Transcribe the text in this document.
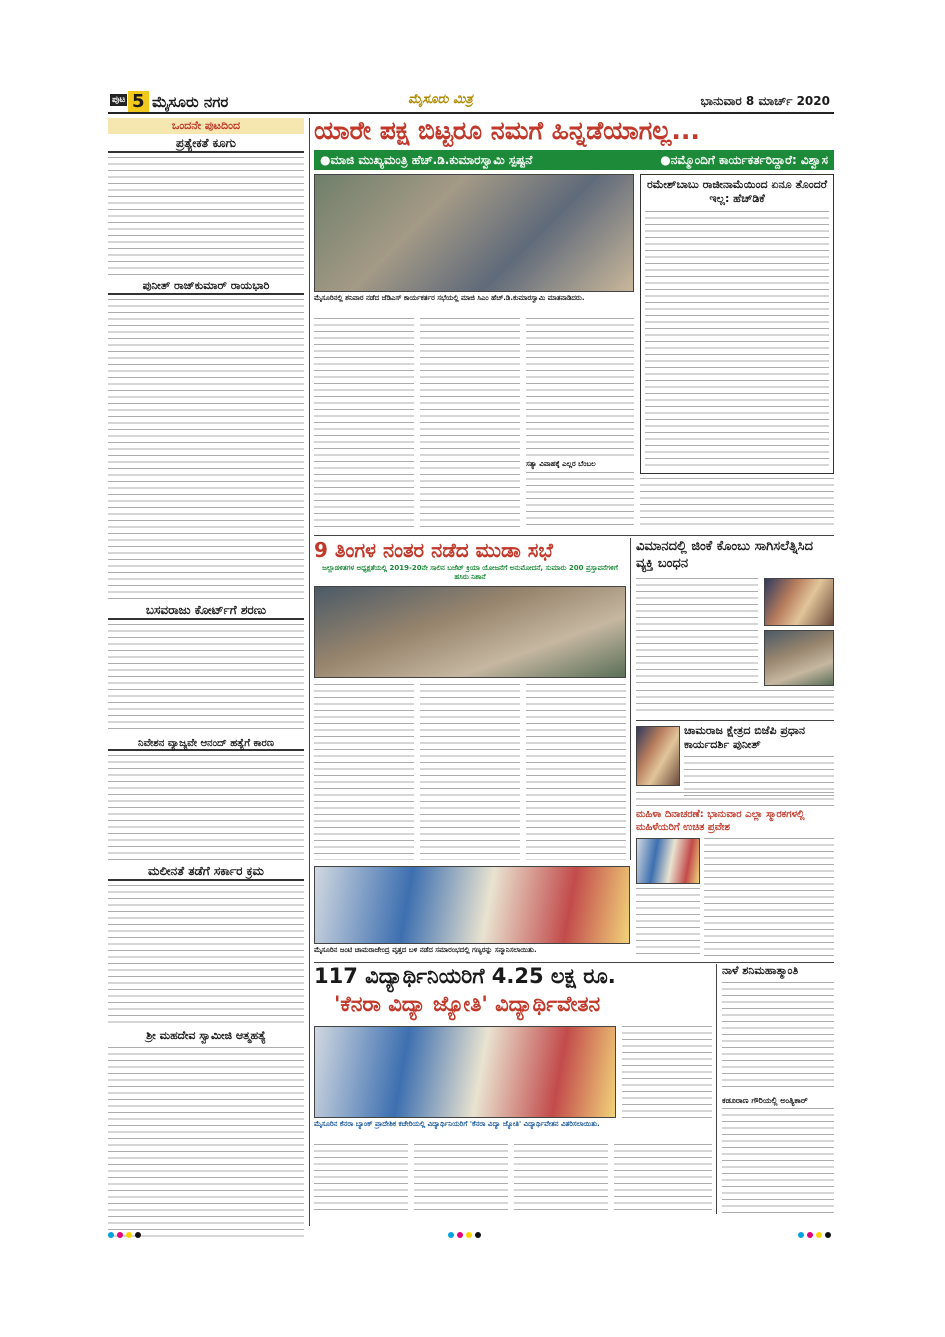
ಪುಟ 5 ಮೈಸೂರು ನಗರ	ಮೈಸೂರು ಮಿತ್ರ	ಭಾನುವಾರ 8 ಮಾರ್ಚ್ 2020
ಒಂದನೇ ಪುಟದಿಂದ
ಪ್ರತ್ಯೇಕತೆ ಕೂಗು
ಪುನೀತ್ ರಾಜ್‌ಕುಮಾರ್ ರಾಯಭಾರಿ
ಬಸವರಾಜು ಕೋರ್ಟ್‌ಗೆ ಶರಣು
ನಿವೇಶನ ವ್ಯಾಜ್ಯವೇ ಆನಂದ್ ಹತ್ಯೆಗೆ ಕಾರಣ
ಮಲೀನತೆ ತಡೆಗೆ ಸರ್ಕಾರ ಕ್ರಮ
ಶ್ರೀ ಮಹದೇವ ಸ್ವಾಮೀಜಿ ಆತ್ಮಹತ್ಯೆ
ಯಾರೇ ಪಕ್ಷ ಬಿಟ್ಟರೂ ನಮಗೆ ಹಿನ್ನಡೆಯಾಗಲ್ಲ...
●ಮಾಜಿ ಮುಖ್ಯಮಂತ್ರಿ ಹೆಚ್.ಡಿ.ಕುಮಾರಸ್ವಾಮಿ ಸ್ಪಷ್ಟನೆ	●ನಮ್ಮೊಂದಿಗೆ ಕಾರ್ಯಕರ್ತರಿದ್ದಾರೆ: ವಿಶ್ವಾಸ
ಮೈಸೂರಿನಲ್ಲಿ ಶನಿವಾರ ನಡೆದ ಜೆಡಿಎಸ್ ಕಾರ್ಯಕರ್ತರ ಸಭೆಯಲ್ಲಿ ಮಾಜಿ ಸಿಎಂ ಹೆಚ್.ಡಿ.ಕುಮಾರಸ್ವಾಮಿ ಮಾತನಾಡಿದರು.
ಸತ್ಯಾ ವಿವಾಹಕ್ಕೆ ಎಲ್ಲರ ಬೆಂಬಲ
ರಮೇಶ್‌ಬಾಬು ರಾಜೀನಾಮೆಯಿಂದ ಏನೂ ತೊಂದರೆ ಇಲ್ಲ: ಹೆಚ್‌ಡಿಕೆ
9 ತಿಂಗಳ ನಂತರ ನಡೆದ ಮುಡಾ ಸಭೆ
ಜಲ್ಲಾಡಳಿತಗಳ ಅಧ್ಯಕ್ಷತೆಯಲ್ಲಿ 2019-20ನೇ ಸಾಲಿನ ಬಜೆಟ್ ಕ್ರಿಯಾ ಯೋಜನೆಗೆ ಅನುಮೋದನೆ, ಸುಮಾರು 200 ಪ್ರಸ್ತಾವನೆಗಳಿಗೆ ಹಸಿರು ನಿಶಾನೆ
ವಿಮಾನದಲ್ಲಿ ಜಿಂಕೆ ಕೊಂಬು ಸಾಗಿಸಲೆತ್ನಿಸಿದ ವ್ಯಕ್ತಿ ಬಂಧನ
ಚಾಮರಾಜ ಕ್ಷೇತ್ರದ ಬಿಜೆಪಿ ಪ್ರಧಾನ ಕಾರ್ಯದರ್ಶಿ ಪುನೀತ್
ಮಹಿಳಾ ದಿನಾಚರಣೆ: ಭಾನುವಾರ ಎಲ್ಲಾ ಸ್ಮಾರಕಗಳಲ್ಲಿ ಮಹಿಳೆಯರಿಗೆ ಉಚಿತ ಪ್ರವೇಶ
ಮೈಸೂರಿನ ಜಂಟಿ ಚಾಮರಾಜೇಂದ್ರ ವೃತ್ತದ ಬಳಿ ನಡೆದ ಸಮಾರಂಭದಲ್ಲಿ ಗಣ್ಯರನ್ನು ಸನ್ಮಾನಿಸಲಾಯಿತು.
117 ವಿದ್ಯಾರ್ಥಿನಿಯರಿಗೆ 4.25 ಲಕ್ಷ ರೂ.
'ಕೆನರಾ ವಿದ್ಯಾ ಜ್ಯೋತಿ' ವಿದ್ಯಾರ್ಥಿವೇತನ
ಮೈಸೂರಿನ ಕೆನರಾ ಬ್ಯಾಂಕ್ ಪ್ರಾದೇಶಿಕ ಕಚೇರಿಯಲ್ಲಿ ವಿದ್ಯಾರ್ಥಿನಿಯರಿಗೆ 'ಕೆನರಾ ವಿದ್ಯಾ ಜ್ಯೋತಿ' ವಿದ್ಯಾರ್ಥಿವೇತನ ವಿತರಿಸಲಾಯಿತು.
ನಾಳೆ ಶನಿಮಹಾತ್ಮಾಂತಿ
ಕಡೂರಾಣ ಗೌರಿಯಲ್ಲಿ ಅಂತ್ಯಿಕಾರ್
